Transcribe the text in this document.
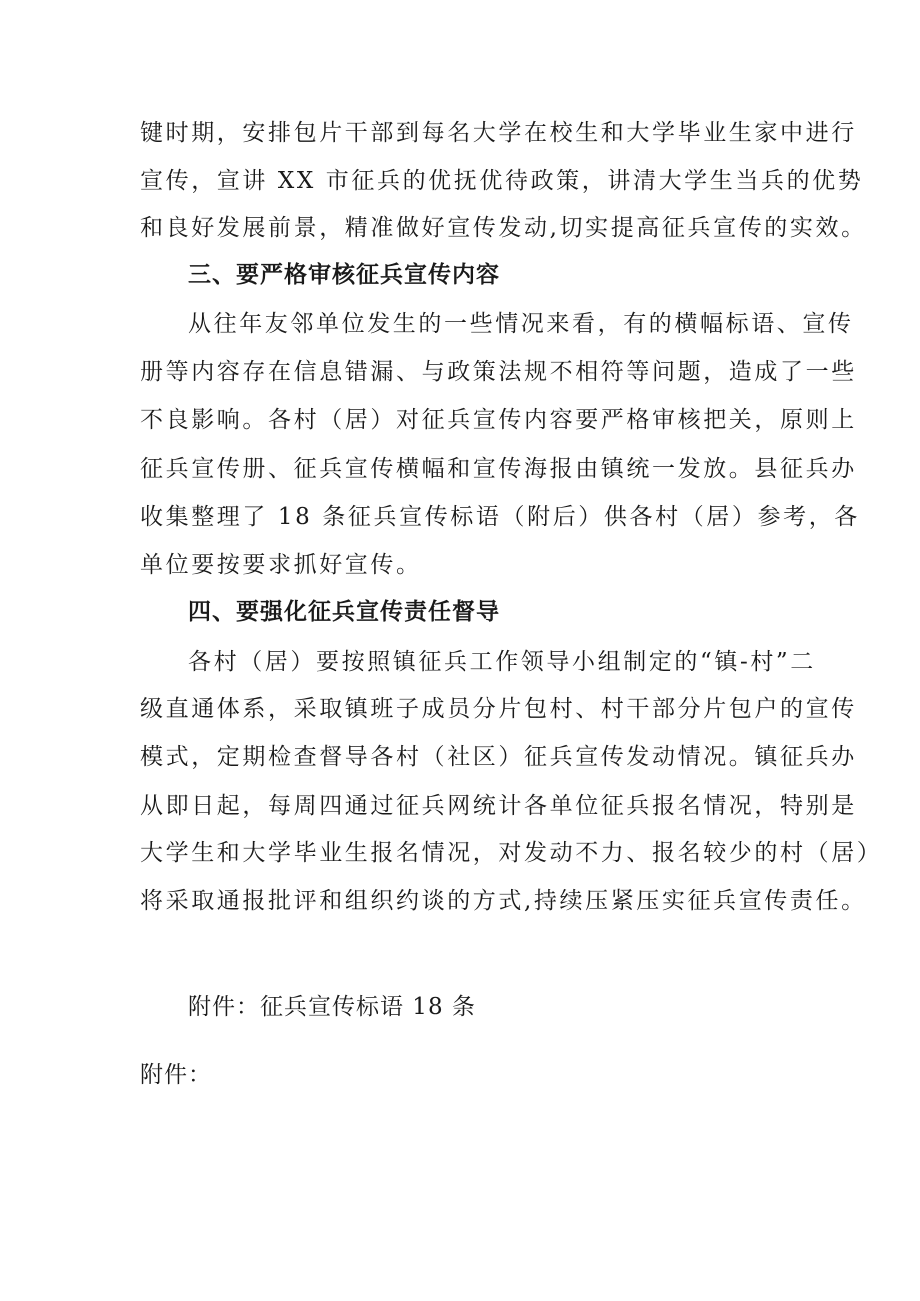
键时期，安排包片干部到每名大学在校生和大学毕业生家中进行
宣传，宣讲 XX 市征兵的优抚优待政策，讲清大学生当兵的优势
和良好发展前景，精准做好宣传发动,切实提高征兵宣传的实效。
三、要严格审核征兵宣传内容
从往年友邻单位发生的一些情况来看，有的横幅标语、宣传
册等内容存在信息错漏、与政策法规不相符等问题，造成了一些
不良影响。各村（居）对征兵宣传内容要严格审核把关，原则上
征兵宣传册、征兵宣传横幅和宣传海报由镇统一发放。县征兵办
收集整理了 18 条征兵宣传标语（附后）供各村（居）参考，各
单位要按要求抓好宣传。
四、要强化征兵宣传责任督导
各村（居）要按照镇征兵工作领导小组制定的“镇-村”二
级直通体系，采取镇班子成员分片包村、村干部分片包户的宣传
模式，定期检查督导各村（社区）征兵宣传发动情况。镇征兵办
从即日起，每周四通过征兵网统计各单位征兵报名情况，特别是
大学生和大学毕业生报名情况，对发动不力、报名较少的村（居）
将采取通报批评和组织约谈的方式,持续压紧压实征兵宣传责任。
附件：征兵宣传标语 18 条
附件：
